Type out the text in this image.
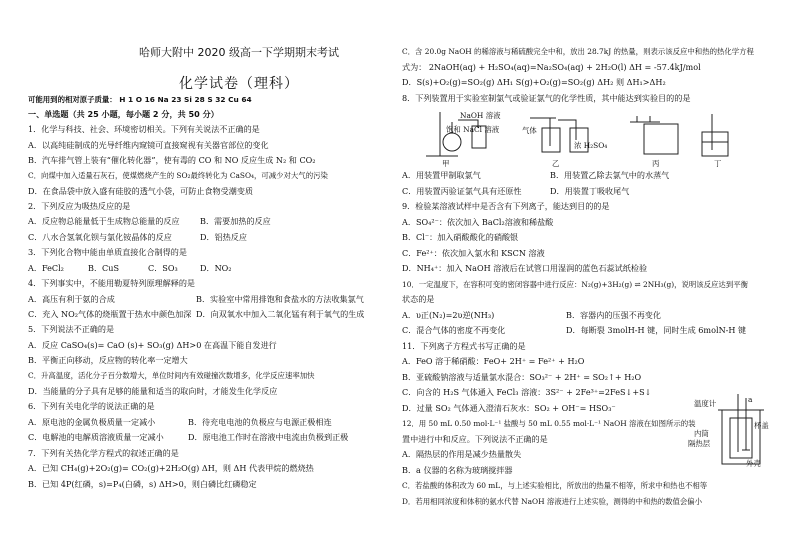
哈师大附中 2020 级高一下学期期末考试
化学试卷（理科）
可能用到的相对原子质量： H 1 O 16 Na 23 Si 28 S 32 Cu 64
一、单选题（共 25 小题，每小题 2 分，共 50 分）
1．化学与科技、社会、环境密切相关。下列有关说法不正确的是
A．以高纯硅制成的光导纤维内窥镜可直接窥视有关器官部位的变化
B．汽车排气管上装有“催化转化器”，使有毒的 CO 和 NO 反应生成 N₂ 和 CO₂
C．向煤中加入适量石灰石，使煤燃烧产生的 SO₂最终转化为 CaSO₄，可减少对大气的污染
D．在食品袋中放入盛有硅胶的透气小袋，可防止食物受潮变质
2．下列反应为吸热反应的是
A．反应物总能量低于生成物总能量的反应	B．需要加热的反应
C．八水合氢氧化钡与氯化铵晶体的反应	D．铝热反应
3．下列化合物中能由单质直接化合制得的是
A．FeCl₂	B．CuS	C．SO₃	D．NO₂
4．下列事实中，不能用勒夏特列原理解释的是
A．高压有利于氨的合成	B．实验室中常用排饱和食盐水的方法收集氯气
C．充入 NO₂气体的烧瓶置于热水中颜色加深 D．向双氧水中加入二氧化锰有利于氧气的生成
5．下列说法不正确的是
A．反应 CaSO₄(s)= CaO (s)+ SO₃(g) ΔH>0 在高温下能自发进行
B．平衡正向移动，反应物的转化率一定增大
C．升高温度，活化分子百分数增大，单位时间内有效碰撞次数增多，化学反应速率加快
D．当能量的分子具有足够的能量和适当的取向时，才能发生化学反应
6．下列有关电化学的说法正确的是
A．原电池的金属负极质量一定减小	B．待充电电池的负极应与电源正极相连
C．电解池的电解质溶液质量一定减小	D．原电池工作时在溶液中电流由负极到正极
7．下列有关热化学方程式的叙述正确的是
A．已知 CH₄(g)+2O₂(g)= CO₂(g)+2H₂O(g) ΔH，则 ΔH 代表甲烷的燃烧热
B．已知 4P(红磷，s)=P₄(白磷，s) ΔH>0，则白磷比红磷稳定
C．含 20.0g NaOH 的稀溶液与稀硫酸完全中和，放出 28.7kJ 的热量，则表示该反应中和热的热化学方程
式为： 2NaOH(aq) + H₂SO₄(aq)=Na₂SO₄(aq) + 2H₂O(l) ΔH = -57.4kJ/mol
D．S(s)+O₂(g)=SO₂(g) ΔH₁ S(g)+O₂(g)=SO₂(g) ΔH₂ 则 ΔH₁>ΔH₂
8．下列装置用于实验室制氯气或验证氯气的化学性质，其中能达到实验目的的是
NaOH 溶液
饱和 NaCl 溶液	气体
浓 H₂SO₄
甲	乙	丙	丁
A．用装置甲制取氯气	B．用装置乙除去氯气中的水蒸气
C．用装置丙验证氯气具有还原性	D．用装置丁吸收尾气
9．检验某溶液试样中是否含有下列离子，能达到目的的是
A．SO₄²⁻：依次加入 BaCl₂溶液和稀盐酸
B．Cl⁻：加入硝酸酸化的硝酸银
C．Fe²⁺：依次加入氯水和 KSCN 溶液
D．NH₄⁺：加入 NaOH 溶液后在试管口用湿润的蓝色石蕊试纸检验
10．一定温度下，在容积可变的密闭容器中进行反应：N₂(g)+3H₂(g) ⇌ 2NH₃(g)，说明该反应达到平衡
状态的是
A．υ正(N₂)=2υ逆(NH₃)	B．容器内的压强不再变化
C．混合气体的密度不再变化	D．每断裂 3molH-H 键，同时生成 6molN-H 键
11．下列离子方程式书写正确的是
A．FeO 溶于稀硝酸：FeO+ 2H⁺ = Fe²⁺ + H₂O
B．亚硫酸钠溶液与适量氯水混合：SO₃²⁻ + 2H⁺ = SO₂↑+ H₂O
C．向含的 H₂S 气体通入 FeCl₃ 溶液：3S²⁻ + 2Fe³⁺=2FeS↓+S↓
D．过量 SO₂ 气体通入澄清石灰水：SO₂ + OH⁻= HSO₃⁻	温度计	a
内筒
杯盖
隔热层
外壳
12．用 50 mL 0.50 mol·L⁻¹ 盐酸与 50 mL 0.55 mol·L⁻¹ NaOH 溶液在如图所示的装
置中进行中和反应。下列说法不正确的是
A．隔热层的作用是减少热量散失
B．a 仪器的名称为玻璃搅拌器
C．若盐酸的体积改为 60 mL，与上述实验相比，所放出的热量不相等，所求中和热也不相等
D．若用相同浓度和体积的氨水代替 NaOH 溶液进行上述实验，测得的中和热的数值会偏小
